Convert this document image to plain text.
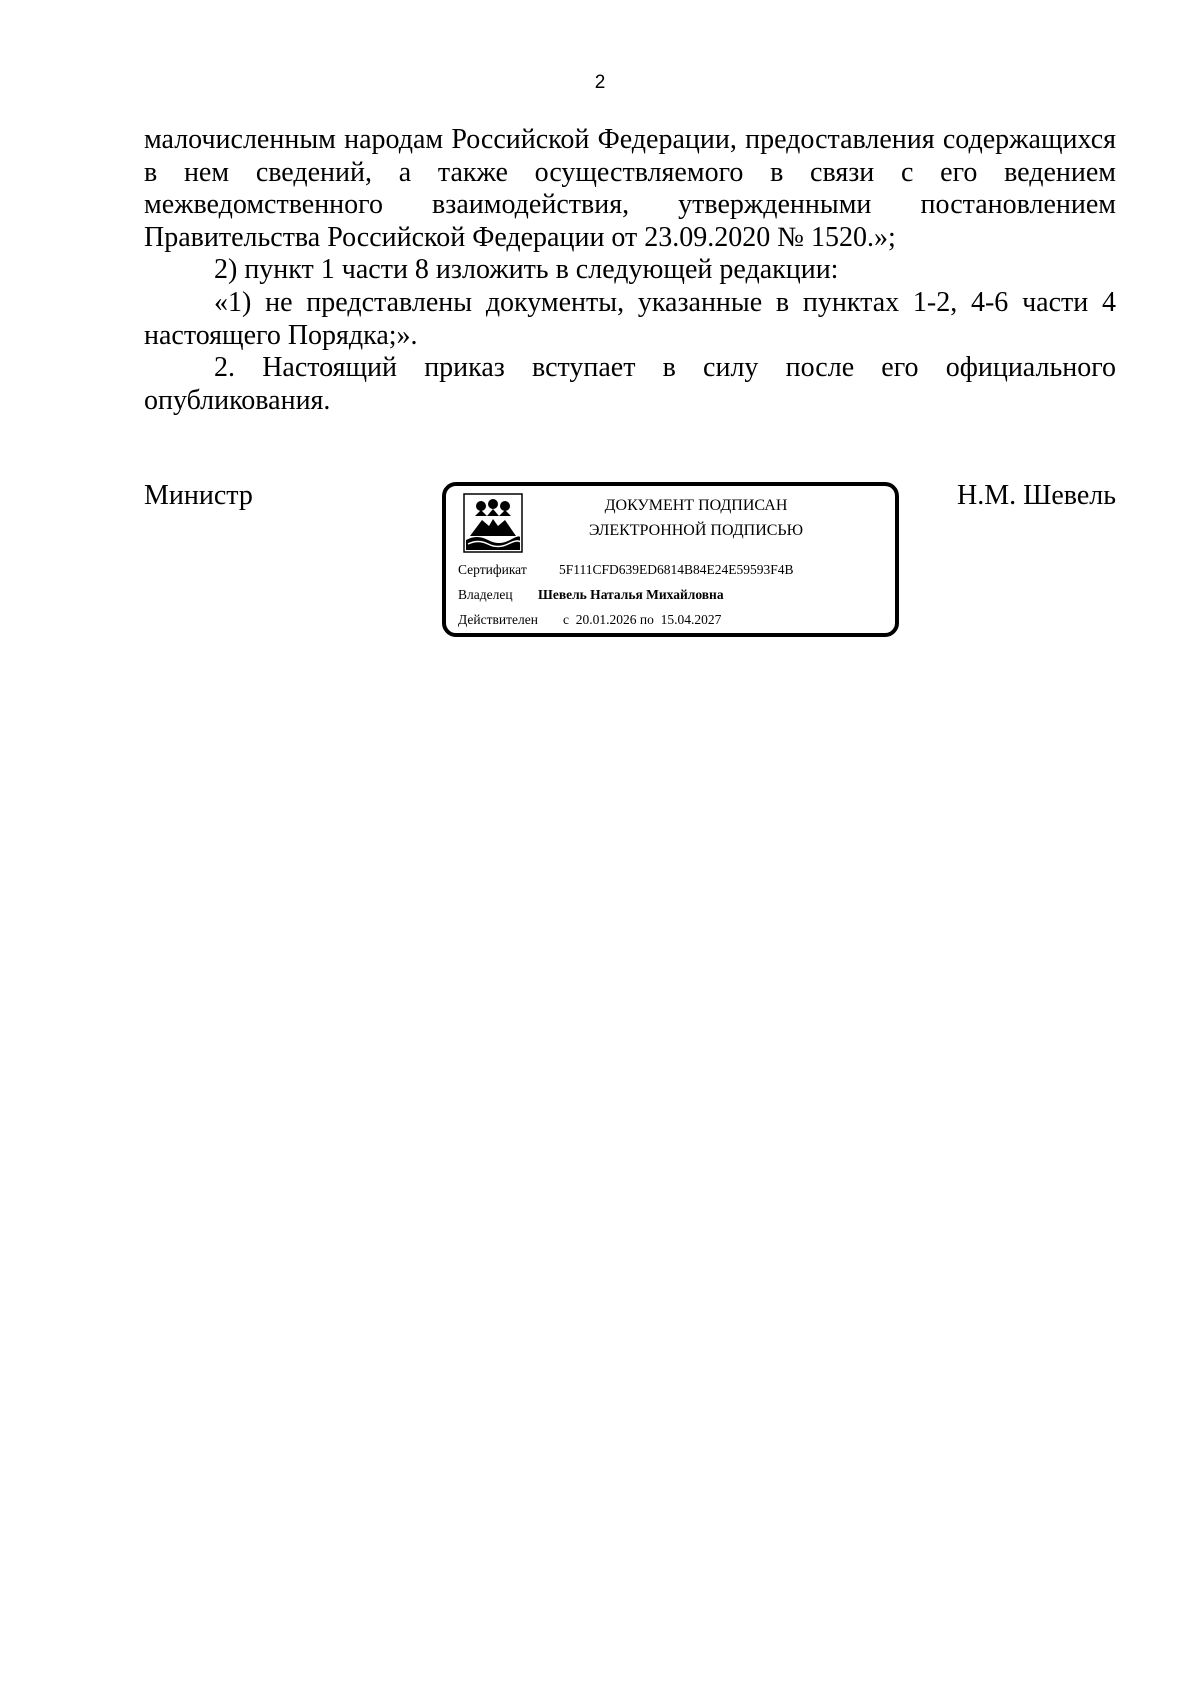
2

малочисленным народам Российской Федерации, предоставления содержащихся в нем сведений, а также осуществляемого в связи с его ведением межведомственного взаимодействия, утвержденными постановлением Правительства Российской Федерации от 23.09.2020 № 1520.»;

2) пункт 1 части 8 изложить в следующей редакции:

«1) не представлены документы, указанные в пунктах 1-2, 4-6 части 4 настоящего Порядка;».

2. Настоящий приказ вступает в силу после его официального опубликования.

Министр	ДОКУМЕНТ ПОДПИСАН
ЭЛЕКТРОННОЙ ПОДПИСЬЮ
Сертификат 5F111CFD639ED6814B84E24E59593F4B
Владелец Шевель Наталья Михайловна
Действителен с  20.01.2026 по  15.04.2027
Н.М. Шевель
